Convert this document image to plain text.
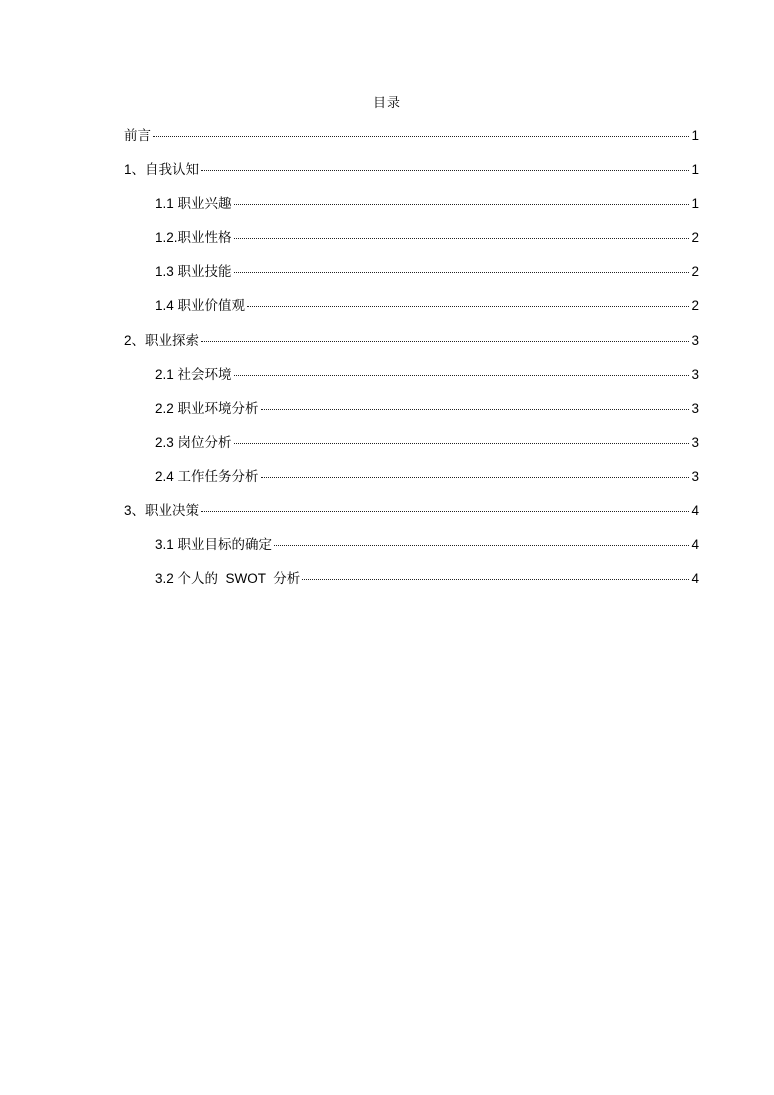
目录
前言	1
1、自我认知	1
1.1 职业兴趣	1
1.2.职业性格	2
1.3 职业技能	2
1.4 职业价值观	2
2、职业探索	3
2.1 社会环境	3
2.2 职业环境分析	3
2.3 岗位分析	3
2.4 工作任务分析	3
3、职业决策	4
3.1 职业目标的确定	4
3.2 个人的  SWOT  分析	4
